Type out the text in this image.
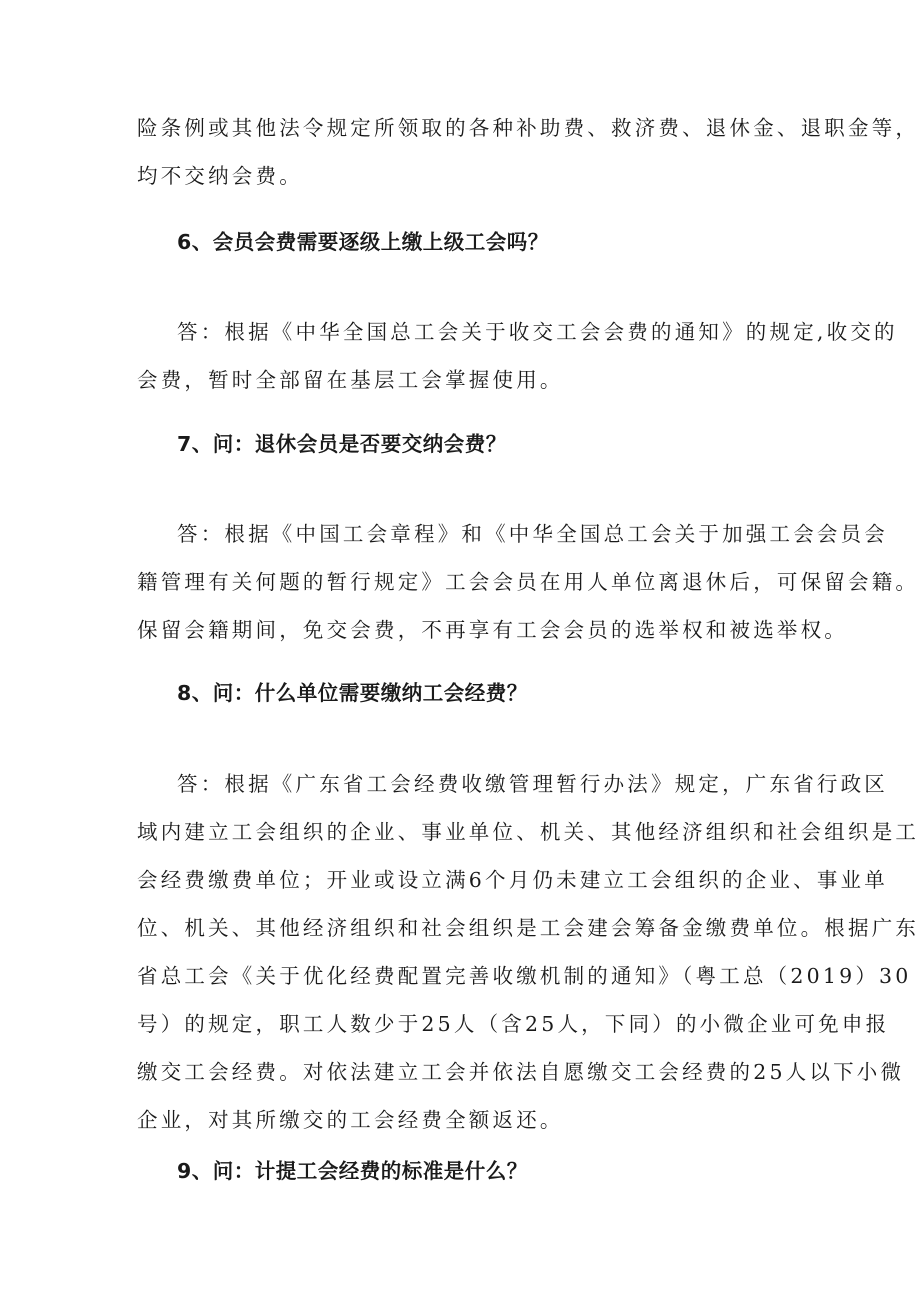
险条例或其他法令规定所领取的各种补助费、救济费、退休金、退职金等，
均不交纳会费。
6、会员会费需要逐级上缴上级工会吗？
答：根据《中华全国总工会关于收交工会会费的通知》的规定,收交的
会费，暂时全部留在基层工会掌握使用。
7、问：退休会员是否要交纳会费？
答：根据《中国工会章程》和《中华全国总工会关于加强工会会员会
籍管理有关何题的暂行规定》工会会员在用人单位离退休后，可保留会籍。
保留会籍期间，免交会费，不再享有工会会员的选举权和被选举权。
8、问：什么单位需要缴纳工会经费？
答：根据《广东省工会经费收缴管理暂行办法》规定，广东省行政区
域内建立工会组织的企业、事业单位、机关、其他经济组织和社会组织是工
会经费缴费单位；开业或设立满6个月仍未建立工会组织的企业、事业单
位、机关、其他经济组织和社会组织是工会建会筹备金缴费单位。根据广东
省总工会《关于优化经费配置完善收缴机制的通知》（粤工总（2019）30
号）的规定，职工人数少于25人（含25人，下同）的小微企业可免申报
缴交工会经费。对依法建立工会并依法自愿缴交工会经费的25人以下小微
企业，对其所缴交的工会经费全额返还。
9、问：计提工会经费的标准是什么？
